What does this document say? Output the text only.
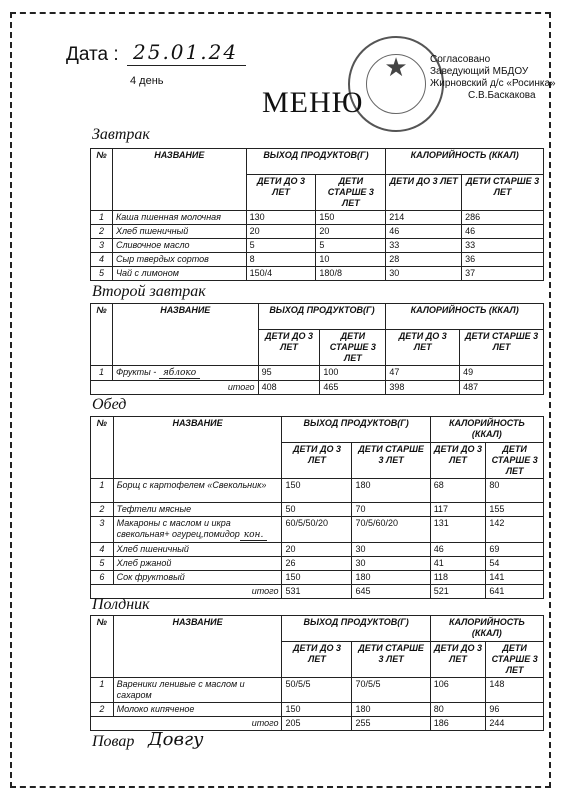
Дата : 25.01.24
4 день	★	Согласовано
Заведующий МБДОУ
Жирновский д/с «Росинка»
С.В.Баскакова
МЕНЮ
Завтрак
№	НАЗВАНИЕ	ВЫХОД ПРОДУКТОВ(Г)		КАЛОРИЙНОСТЬ (ККАЛ)	
		ДЕТИ ДО 3 ЛЕТ	ДЕТИ СТАРШЕ 3 ЛЕТ	ДЕТИ ДО 3 ЛЕТ	ДЕТИ СТАРШЕ 3 ЛЕТ
1	Каша пшенная молочная	130	150	214	286
2	Хлеб пшеничный	20	20	46	46
3	Сливочное масло	5	5	33	33
4	Сыр твердых сортов	8	10	28	36
5	Чай с лимоном	150/4	180/8	30	37
Второй завтрак
№	НАЗВАНИЕ	ВЫХОД ПРОДУКТОВ(Г)		КАЛОРИЙНОСТЬ (ККАЛ)	
		ДЕТИ ДО 3 ЛЕТ	ДЕТИ СТАРШЕ 3 ЛЕТ	ДЕТИ ДО 3 ЛЕТ	ДЕТИ СТАРШЕ 3 ЛЕТ
1	Фрукты - яблоко	95	100	47	49
итого		408	465	398	487
Обед
№	НАЗВАНИЕ	ВЫХОД ПРОДУКТОВ(Г)		КАЛОРИЙНОСТЬ (ККАЛ)	
		ДЕТИ ДО 3 ЛЕТ	ДЕТИ СТАРШЕ 3 ЛЕТ	ДЕТИ ДО 3 ЛЕТ	ДЕТИ СТАРШЕ 3 ЛЕТ
1	Борщ с картофелем «Свекольник»	150	180	68	80
2	Тефтели мясные	50	70	117	155
3	Макароны с маслом и икра свекольная+ огурец,помидор кон.	60/5/50/20	70/5/60/20	131	142
4	Хлеб пшеничный	20	30	46	69
5	Хлеб ржаной	26	30	41	54
6	Сок фруктовый	150	180	118	141
итого		531	645	521	641
Полдник
№	НАЗВАНИЕ	ВЫХОД ПРОДУКТОВ(Г)		КАЛОРИЙНОСТЬ (ККАЛ)	
		ДЕТИ ДО 3 ЛЕТ	ДЕТИ СТАРШЕ 3 ЛЕТ	ДЕТИ ДО 3 ЛЕТ	ДЕТИ СТАРШЕ 3 ЛЕТ
1	Вареники ленивые с маслом и сахаром	50/5/5	70/5/5	106	148
2	Молоко кипяченое	150	180	80	96
итого		205	255	186	244
Повар Довгу
